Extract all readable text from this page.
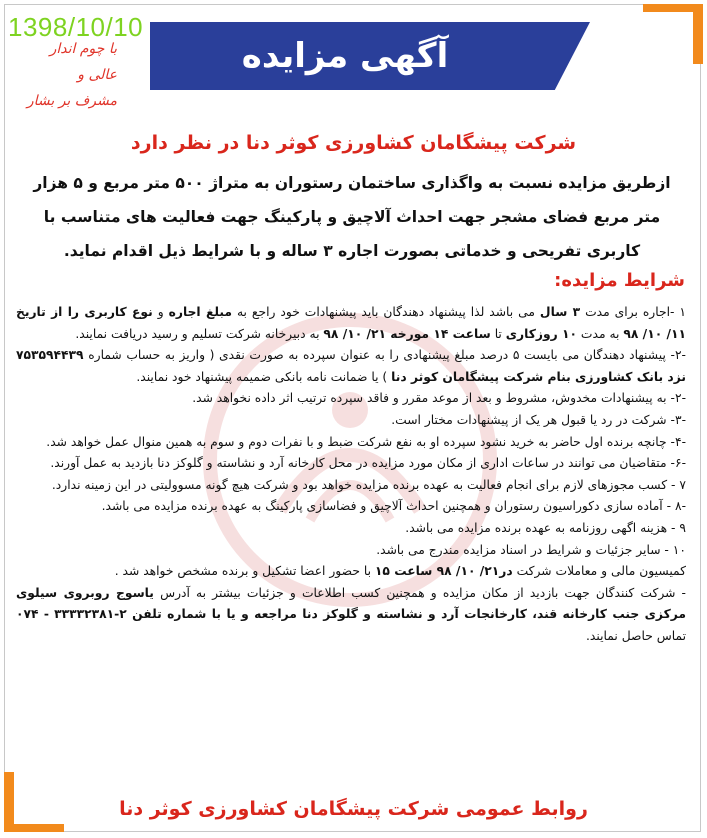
1398/10/10
با چوم اندار عالی و
مشرف بر بشار
آگهی مزایده
شرکت پیشگامان کشاورزی کوثر دنا در نظر دارد
ازطریق مزایده نسبت به واگذاری ساختمان رستوران به متراژ ۵۰۰ متر مربع و ۵ هزار متر مربع فضای مشجر جهت احداث آلاچیق و پارکینگ جهت فعالیت های متناسب با کاربری تفریحی و خدماتی بصورت اجاره ۳ ساله و با شرایط ذیل اقدام نماید.
شرایط مزایده:

۱ -اجاره برای مدت ۳ سال می باشد لذا پیشنهاد دهندگان باید پیشنهادات خود راجع به مبلغ اجاره و نوع کاربری را از تاریخ ۱۱/ ۱۰/ ۹۸ به مدت ۱۰ روزکاری تا ساعت ۱۴ مورخه ۲۱/ ۱۰/ ۹۸ به دبیرخانه شرکت تسلیم و رسید دریافت نمایند.

-۲- پیشنهاد دهندگان می بایست ۵ درصد مبلغ پیشنهادی را به عنوان سپرده به صورت نقدی ( واریز به حساب شماره ۷۵۳۵۹۴۴۳۹ نزد بانک کشاورزی بنام شرکت پیشگامان کوثر دنا ) یا ضمانت نامه بانکی ضمیمه پیشنهاد خود نمایند.

-۲- به پیشنهادات مخدوش، مشروط و بعد از موعد مقرر و فاقد سپرده ترتیب اثر داده نخواهد شد.

-۳- شرکت در رد یا قبول هر یک از پیشنهادات مختار است.

-۴- چانچه برنده اول حاضر به خرید نشود سپرده او به نفع شرکت ضبط و با نفرات دوم و سوم به همین منوال عمل خواهد شد.

-۶- متقاضیان می توانند در ساعات اداری از مکان مورد مزایده در محل کارخانه آرد و نشاسته و گلوکز دنا بازدید به عمل آورند.

۷ - کسب مجوزهای لازم برای انجام فعالیت به عهده برنده مزایده خواهد بود و شرکت هیچ گونه مسوولیتی در این زمینه ندارد.

-۸ - آماده سازی دکوراسیون رستوران و همچنین احداث آلاچیق و فضاسازی پارکینگ به عهده برنده مزایده می باشد.

۹ - هزینه اگهی روزنامه به عهده برنده مزایده می باشد.

۱۰ - سایر جزئیات و شرایط در اسناد مزایده مندرج می باشد.

کمیسیون مالی و معاملات شرکت در۲۱/ ۱۰/ ۹۸ ساعت ۱۵ با حضور اعضا تشکیل و برنده مشخص خواهد شد .

- شرکت کنندگان جهت بازدید از مکان مزایده و همچنین کسب اطلاعات و جزئیات بیشتر به آدرس یاسوج روبروی سیلوی مرکزی جنب کارخانه قند، کارخانجات آرد و نشاسته و گلوکز دنا مراجعه و یا با شماره تلفن ۲-۳۳۳۳۲۳۸۱ - ۰۷۴ تماس حاصل نمایند.

روابط عمومی شرکت پیشگامان کشاورزی کوثر دنا
